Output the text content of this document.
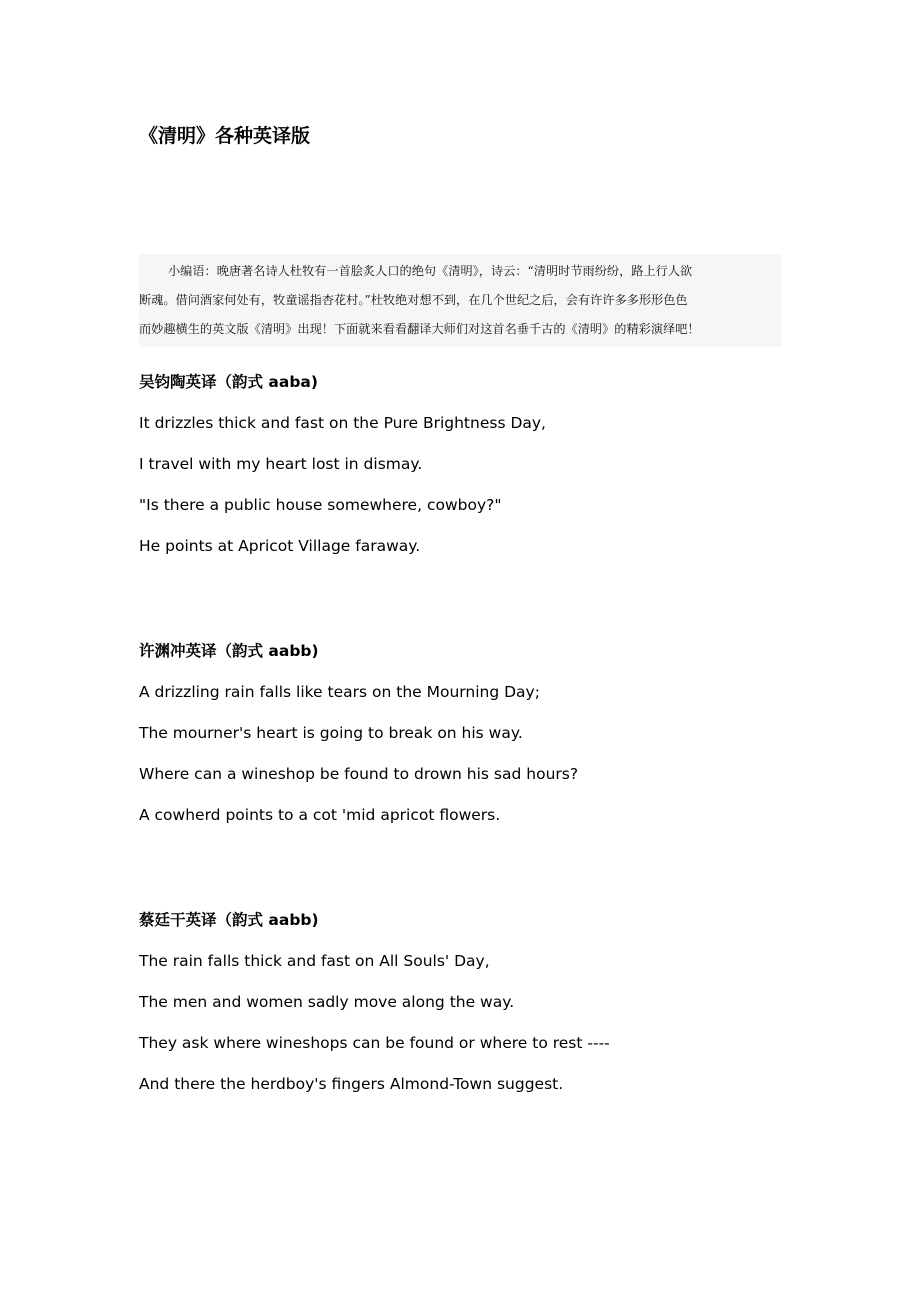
《清明》各种英译版
小编语：晚唐著名诗人杜牧有一首脍炙人口的绝句《清明》，诗云：“清明时节雨纷纷，路上行人欲
断魂。借问酒家何处有，牧童谣指杏花村。”杜牧绝对想不到，在几个世纪之后，会有许许多多形形色色
而妙趣横生的英文版《清明》出现！下面就来看看翻译大师们对这首名垂千古的《清明》的精彩演绎吧！
吴钧陶英译（韵式 aaba)
It drizzles thick and fast on the Pure Brightness Day,
I travel with my heart lost in dismay.
"Is there a public house somewhere, cowboy?"
He points at Apricot Village faraway.
许渊冲英译（韵式 aabb)
A drizzling rain falls like tears on the Mourning Day;
The mourner's heart is going to break on his way.
Where can a wineshop be found to drown his sad hours?
A cowherd points to a cot 'mid apricot flowers.
蔡廷干英译（韵式 aabb)
The rain falls thick and fast on All Souls' Day,
The men and women sadly move along the way.
They ask where wineshops can be found or where to rest ----
And there the herdboy's fingers Almond-Town suggest.
